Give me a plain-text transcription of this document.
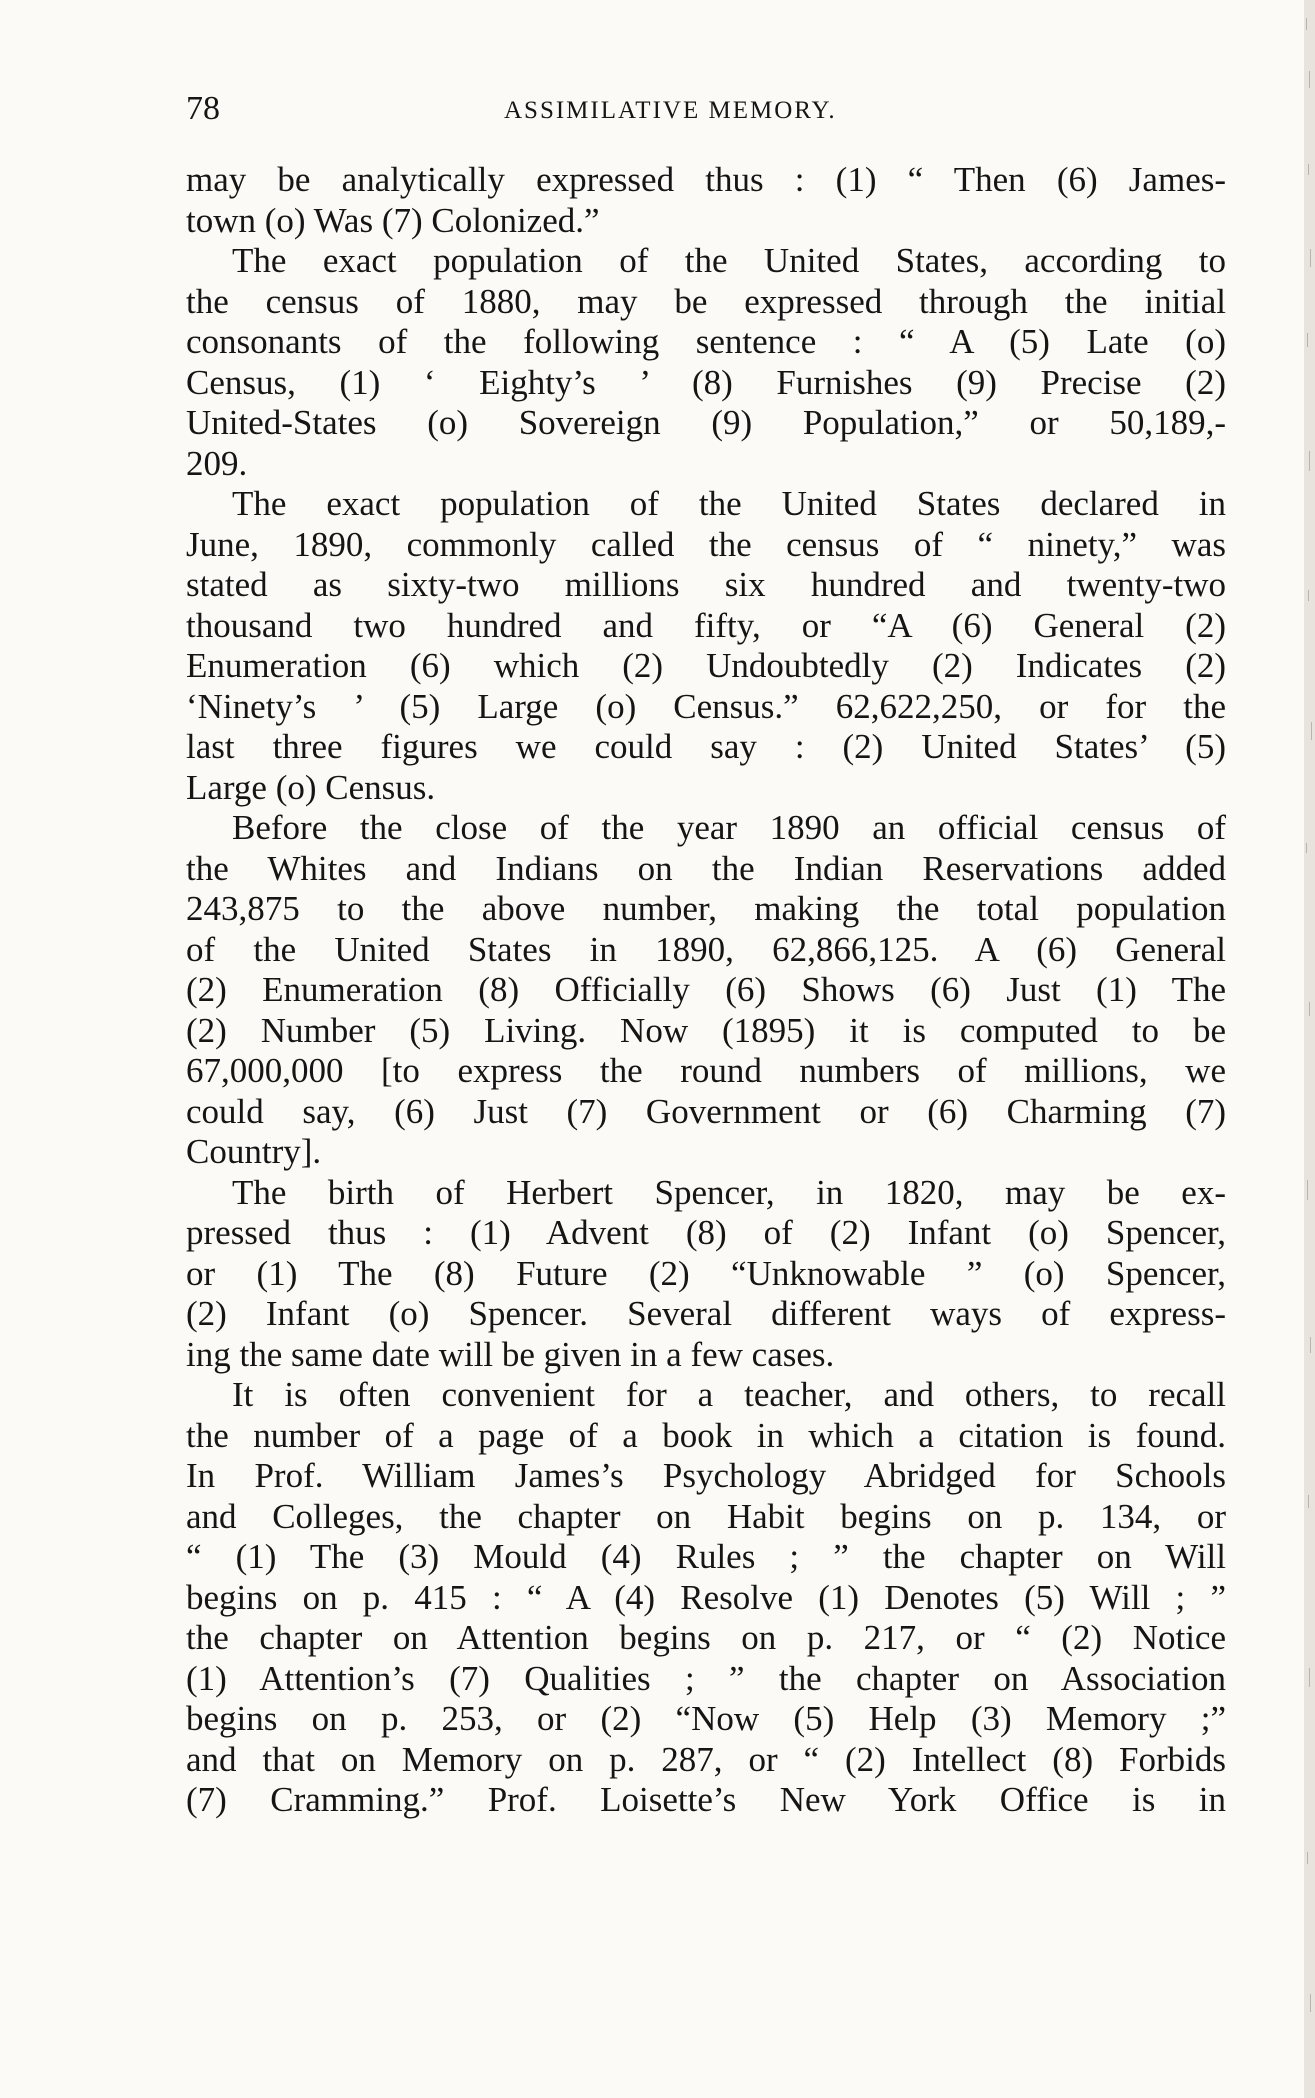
78	ASSIMILATIVE MEMORY.
may be analytically expressed thus : (1) “ Then (6) James-
town (o) Was (7) Colonized.”
The exact population of the United States, according to
the census of 1880, may be expressed through the initial
consonants of the following sentence : “ A (5) Late (o)
Census, (1) ‘ Eighty’s ’ (8) Furnishes (9) Precise (2)
United-States (o) Sovereign (9) Population,” or 50,189,-
209.
The exact population of the United States declared in
June, 1890, commonly called the census of “ ninety,” was
stated as sixty-two millions six hundred and twenty-two
thousand two hundred and fifty, or “A (6) General (2)
Enumeration (6) which (2) Undoubtedly (2) Indicates (2)
‘Ninety’s ’ (5) Large (o) Census.” 62,622,250, or for the
last three figures we could say : (2) United States’ (5)
Large (o) Census.
Before the close of the year 1890 an official census of
the Whites and Indians on the Indian Reservations added
243,875 to the above number, making the total population
of the United States in 1890, 62,866,125. A (6) General
(2) Enumeration (8) Officially (6) Shows (6) Just (1) The
(2) Number (5) Living. Now (1895) it is computed to be
67,000,000 [to express the round numbers of millions, we
could say, (6) Just (7) Government or (6) Charming (7)
Country].
The birth of Herbert Spencer, in 1820, may be ex-
pressed thus : (1) Advent (8) of (2) Infant (o) Spencer,
or (1) The (8) Future (2) “Unknowable ” (o) Spencer,
(2) Infant (o) Spencer. Several different ways of express-
ing the same date will be given in a few cases.
It is often convenient for a teacher, and others, to recall
the number of a page of a book in which a citation is found.
In Prof. William James’s Psychology Abridged for Schools
and Colleges, the chapter on Habit begins on p. 134, or
“ (1) The (3) Mould (4) Rules ; ” the chapter on Will
begins on p. 415 : “ A (4) Resolve (1) Denotes (5) Will ; ”
the chapter on Attention begins on p. 217, or “ (2) Notice
(1) Attention’s (7) Qualities ; ” the chapter on Association
begins on p. 253, or (2) “Now (5) Help (3) Memory ;”
and that on Memory on p. 287, or “ (2) Intellect (8) Forbids
(7) Cramming.” Prof. Loisette’s New York Office is in
